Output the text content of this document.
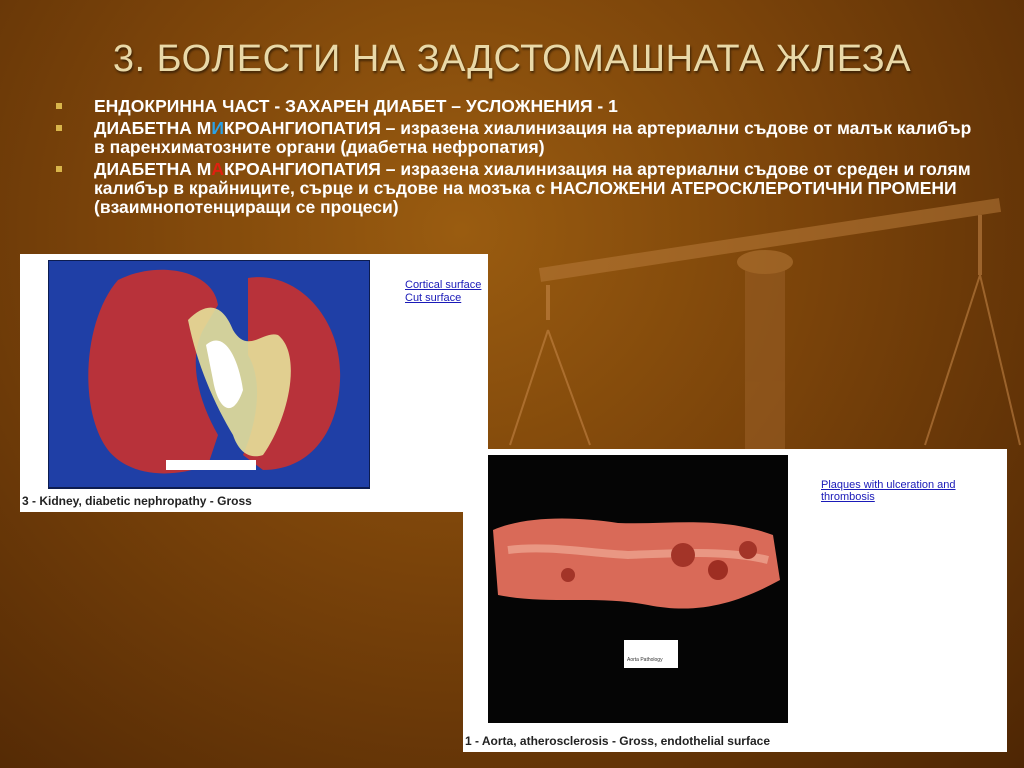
3. БОЛЕСТИ НА ЗАДСТОМАШНАТА ЖЛЕЗА
ЕНДОКРИННА ЧАСТ - ЗАХАРЕН ДИАБЕТ – УСЛОЖНЕНИЯ - 1
ДИАБЕТНА МИКРОАНГИОПАТИЯ – изразена хиалинизация на артериални съдове от малък калибър в паренхиматозните органи (диабетна нефропатия)
ДИАБЕТНА МАКРОАНГИОПАТИЯ – изразена хиалинизация на артериални съдове от среден и голям калибър в крайниците, сърце и съдове на мозъка с НАСЛОЖЕНИ АТЕРОСКЛЕРОТИЧНИ ПРОМЕНИ (взаимнопотенциращи се процеси)
Cortical surface
Cut surface
3 - Kidney, diabetic nephropathy - Gross
Aorta Pathology
Plaques with ulceration and thrombosis
1 - Aorta, atherosclerosis - Gross, endothelial surface
